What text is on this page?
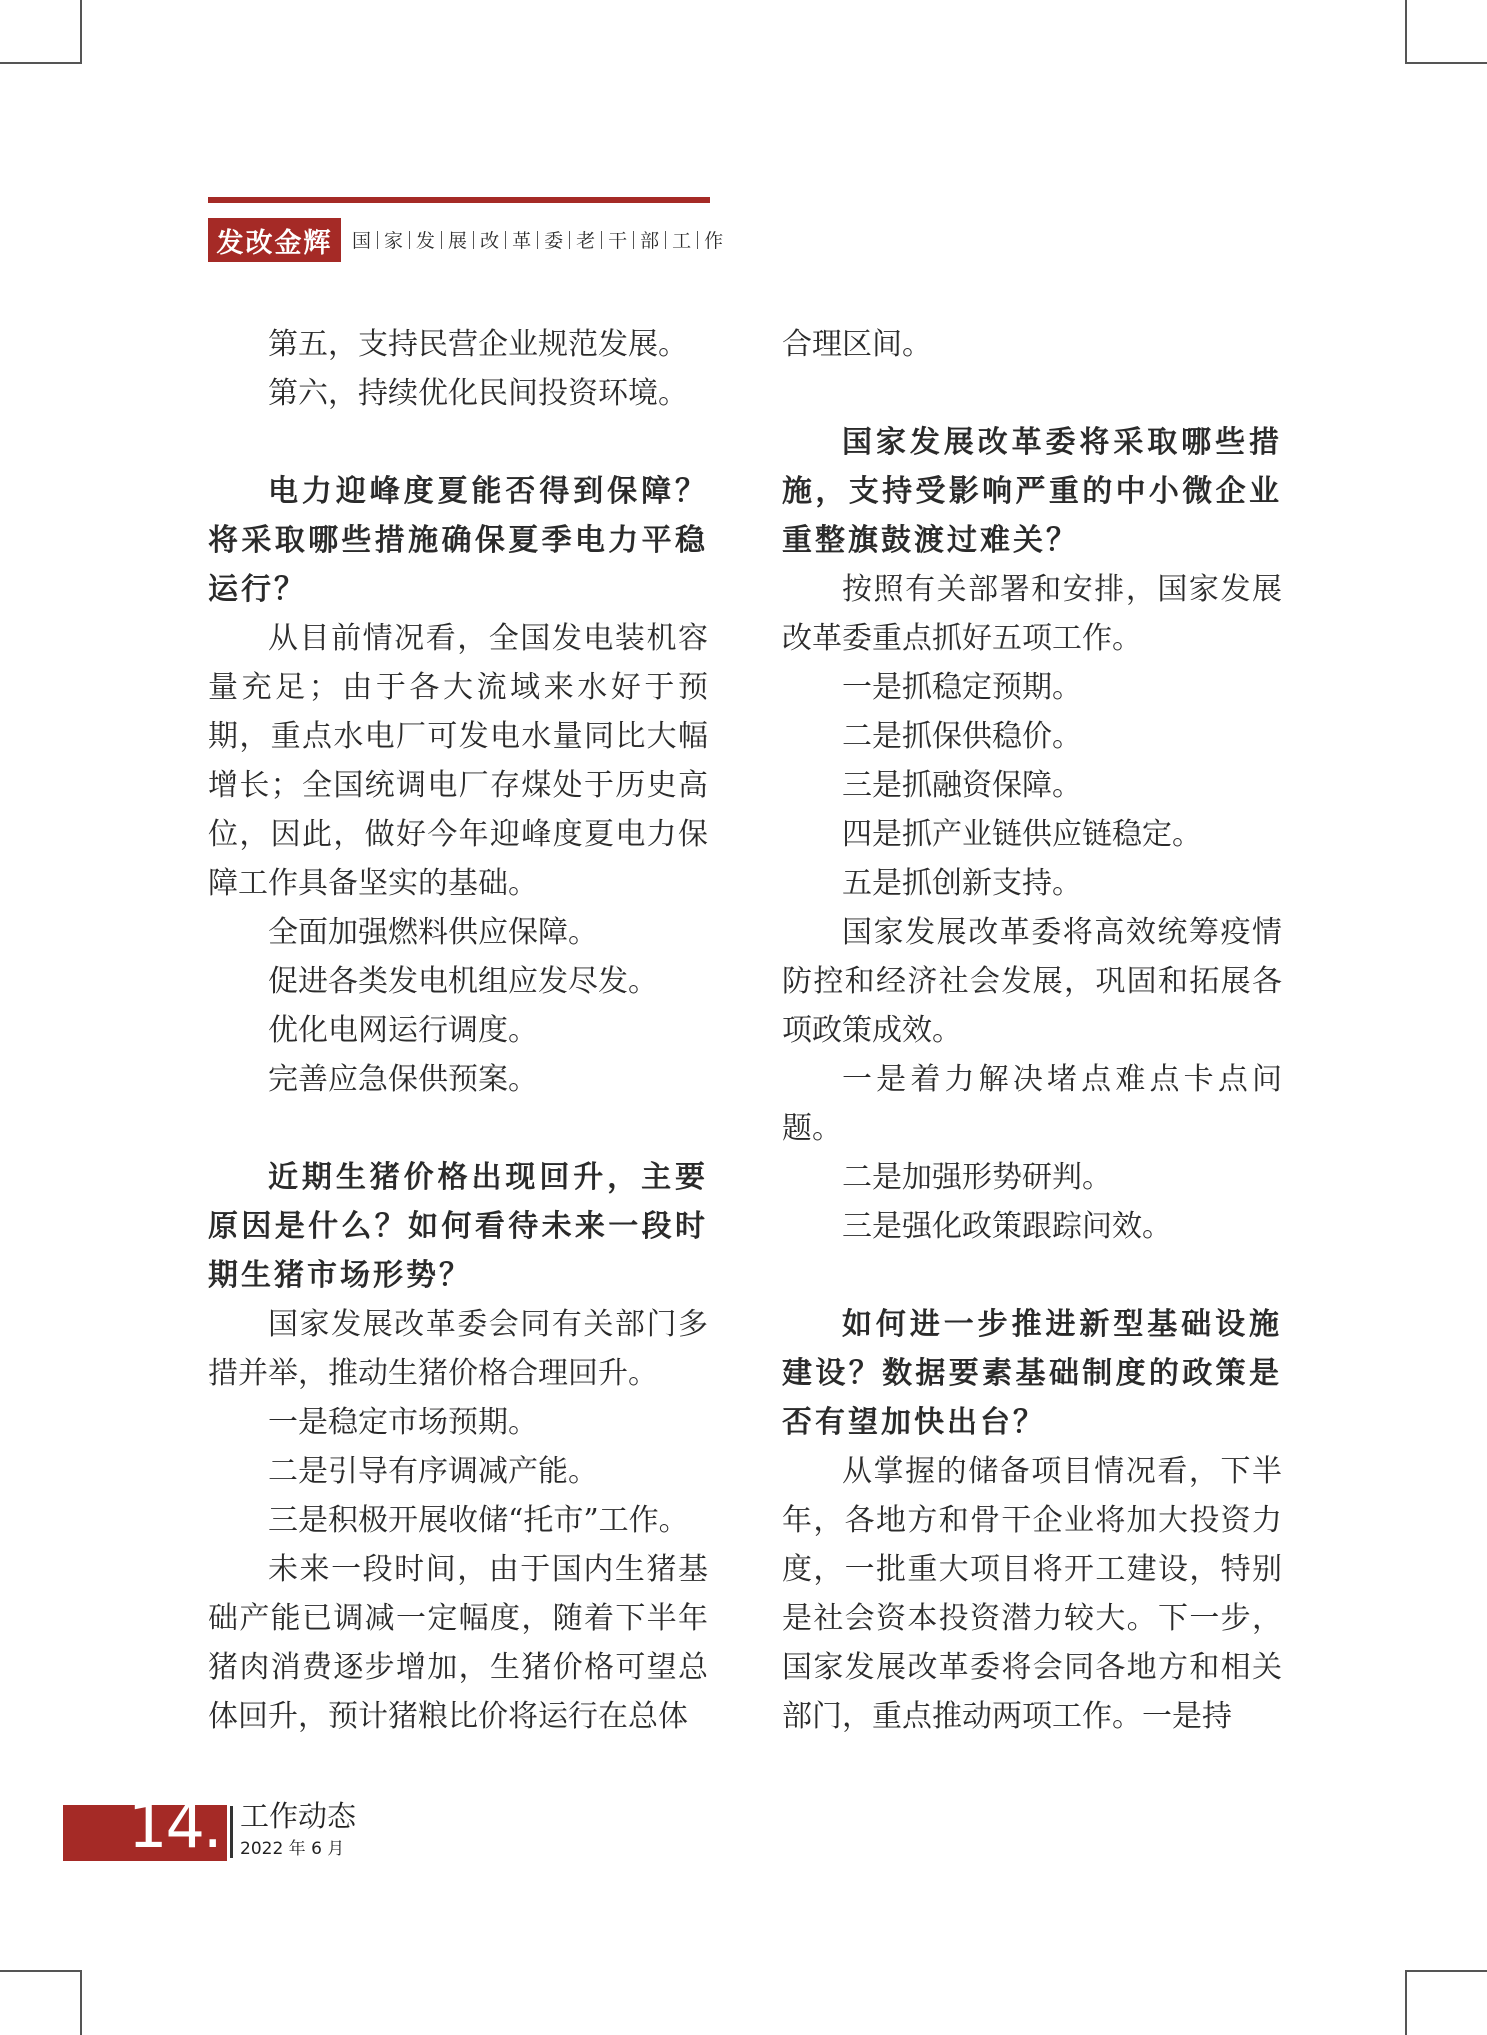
发改金辉	国 家 发 展 改 革 委 老 干 部 工 作

第五，支持民营企业规范发展。

第六，持续优化民间投资环境。

电力迎峰度夏能否得到保障？将采取哪些措施确保夏季电力平稳运行？

从目前情况看，全国发电装机容量充足；由于各大流域来水好于预期，重点水电厂可发电水量同比大幅增长；全国统调电厂存煤处于历史高位，因此，做好今年迎峰度夏电力保障工作具备坚实的基础。

全面加强燃料供应保障。

促进各类发电机组应发尽发。

优化电网运行调度。

完善应急保供预案。

近期生猪价格出现回升，主要原因是什么？如何看待未来一段时期生猪市场形势？

国家发展改革委会同有关部门多措并举，推动生猪价格合理回升。

一是稳定市场预期。

二是引导有序调减产能。

三是积极开展收储“托市”工作。

未来一段时间，由于国内生猪基础产能已调减一定幅度，随着下半年猪肉消费逐步增加，生猪价格可望总体回升，预计猪粮比价将运行在总体

合理区间。

国家发展改革委将采取哪些措施，支持受影响严重的中小微企业重整旗鼓渡过难关？

按照有关部署和安排，国家发展改革委重点抓好五项工作。

一是抓稳定预期。

二是抓保供稳价。

三是抓融资保障。

四是抓产业链供应链稳定。

五是抓创新支持。

国家发展改革委将高效统筹疫情防控和经济社会发展，巩固和拓展各项政策成效。

一是着力解决堵点难点卡点问题。

二是加强形势研判。

三是强化政策跟踪问效。

如何进一步推进新型基础设施建设？数据要素基础制度的政策是否有望加快出台？

从掌握的储备项目情况看，下半年，各地方和骨干企业将加大投资力度，一批重大项目将开工建设，特别是社会资本投资潜力较大。下一步，国家发展改革委将会同各地方和相关部门，重点推动两项工作。一是持

14. 工作动态
2022 年 6 月
